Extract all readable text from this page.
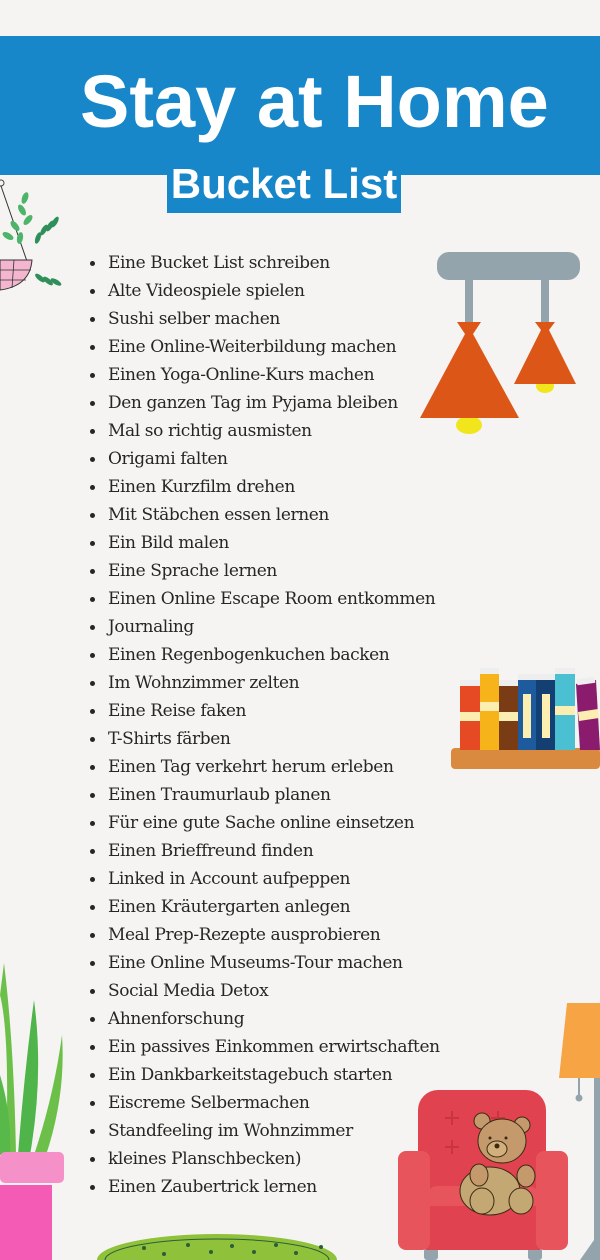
Stay at Home
Bucket List
Eine Bucket List schreiben
Alte Videospiele spielen
Sushi selber machen
Eine Online-Weiterbildung machen
Einen Yoga-Online-Kurs machen
Den ganzen Tag im Pyjama bleiben
Mal so richtig ausmisten
Origami falten
Einen Kurzfilm drehen
Mit Stäbchen essen lernen
Ein Bild malen
Eine Sprache lernen
Einen Online Escape Room entkommen
Journaling
Einen Regenbogenkuchen backen
Im Wohnzimmer zelten
Eine Reise faken
T-Shirts färben
Einen Tag verkehrt herum erleben
Einen Traumurlaub planen
Für eine gute Sache online einsetzen
Einen Brieffreund finden
Linked in Account aufpeppen
Einen Kräutergarten anlegen
Meal Prep-Rezepte ausprobieren
Eine Online Museums-Tour machen
Social Media Detox
Ahnenforschung
Ein passives Einkommen erwirtschaften
Ein Dankbarkeitstagebuch starten
Eiscreme Selbermachen
Standfeeling im Wohnzimmer
kleines Planschbecken)
Einen Zaubertrick lernen
